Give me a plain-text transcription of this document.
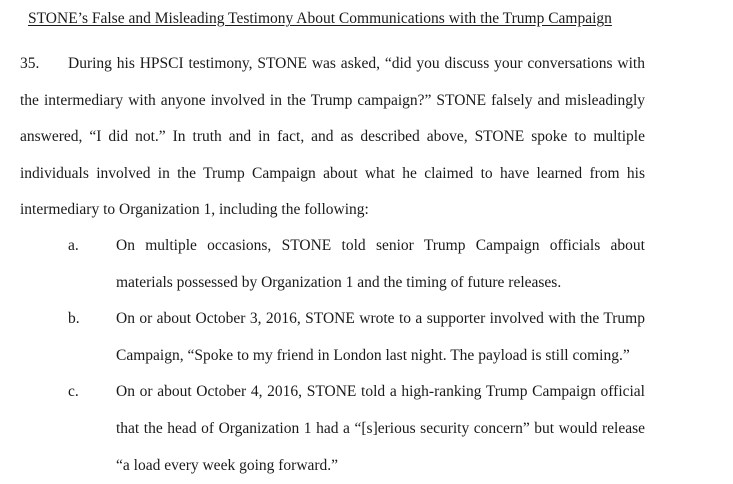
STONE’s False and Misleading Testimony About Communications with the Trump Campaign
35. During his HPSCI testimony, STONE was asked, “did you discuss your conversations with the intermediary with anyone involved in the Trump campaign?” STONE falsely and misleadingly answered, “I did not.” In truth and in fact, and as described above, STONE spoke to multiple individuals involved in the Trump Campaign about what he claimed to have learned from his intermediary to Organization 1, including the following:
a. On multiple occasions, STONE told senior Trump Campaign officials about
materials possessed by Organization 1 and the timing of future releases.
b. On or about October 3, 2016, STONE wrote to a supporter involved with the Trump
Campaign, “Spoke to my friend in London last night. The payload is still coming.”
c. On or about October 4, 2016, STONE told a high-ranking Trump Campaign official
that the head of Organization 1 had a “[s]erious security concern” but would release
“a load every week going forward.”
